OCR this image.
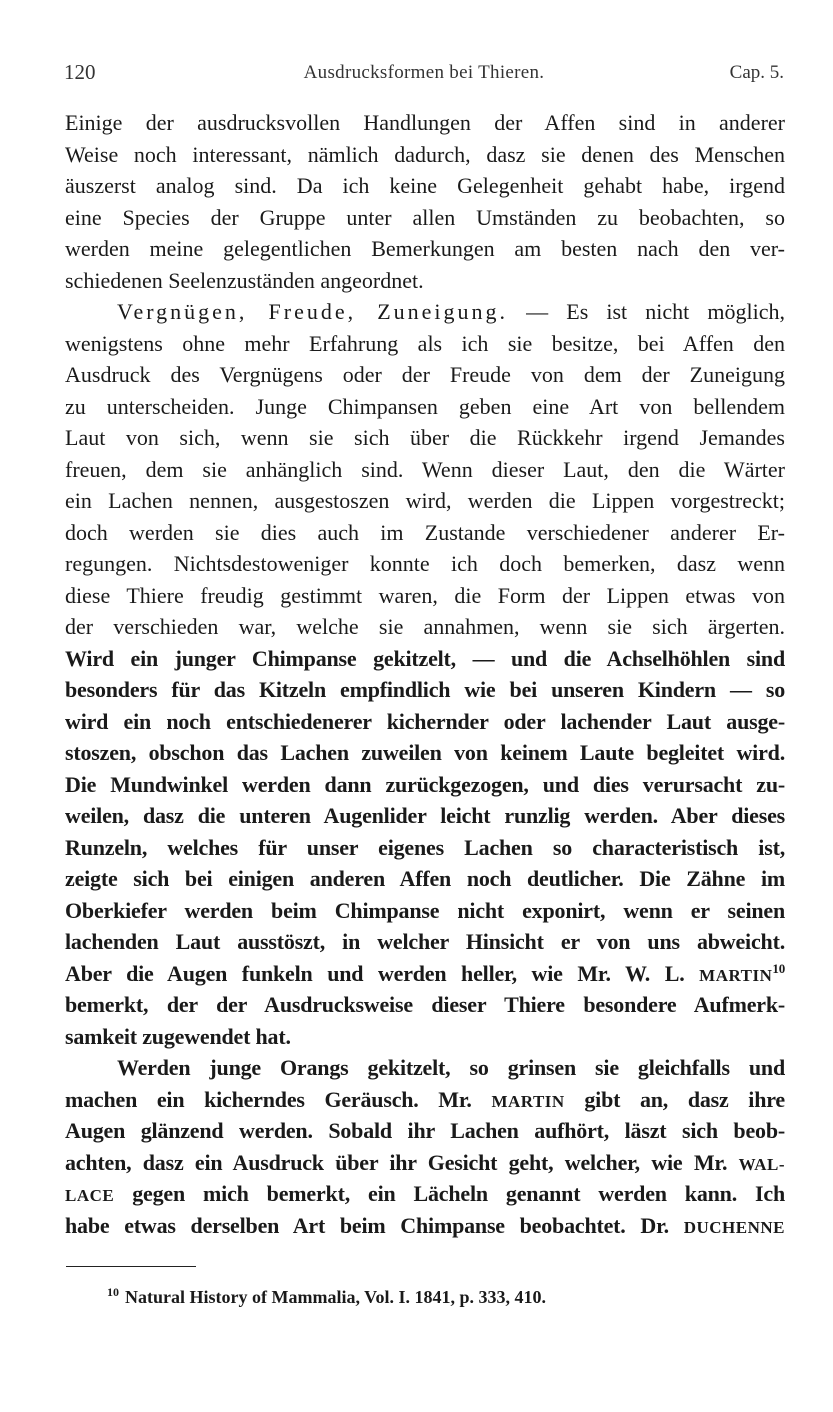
120	Ausdrucksformen bei Thieren.	Cap. 5.
Einige der ausdrucksvollen Handlungen der Affen sind in anderer
Weise noch interessant, nämlich dadurch, dasz sie denen des Menschen
äuszerst analog sind. Da ich keine Gelegenheit gehabt habe, irgend
eine Species der Gruppe unter allen Umständen zu beobachten, so
werden meine gelegentlichen Bemerkungen am besten nach den ver-
schiedenen Seelenzuständen angeordnet.
Vergnügen, Freude, Zuneigung. — Es ist nicht möglich,
wenigstens ohne mehr Erfahrung als ich sie besitze, bei Affen den
Ausdruck des Vergnügens oder der Freude von dem der Zuneigung
zu unterscheiden. Junge Chimpansen geben eine Art von bellendem
Laut von sich, wenn sie sich über die Rückkehr irgend Jemandes
freuen, dem sie anhänglich sind. Wenn dieser Laut, den die Wärter
ein Lachen nennen, ausgestoszen wird, werden die Lippen vorgestreckt;
doch werden sie dies auch im Zustande verschiedener anderer Er-
regungen. Nichtsdestoweniger konnte ich doch bemerken, dasz wenn
diese Thiere freudig gestimmt waren, die Form der Lippen etwas von
der verschieden war, welche sie annahmen, wenn sie sich ärgerten.
Wird ein junger Chimpanse gekitzelt, — und die Achselhöhlen sind
besonders für das Kitzeln empfindlich wie bei unseren Kindern — so
wird ein noch entschiedenerer kichernder oder lachender Laut ausge-
stoszen, obschon das Lachen zuweilen von keinem Laute begleitet wird.
Die Mundwinkel werden dann zurückgezogen, und dies verursacht zu-
weilen, dasz die unteren Augenlider leicht runzlig werden. Aber dieses
Runzeln, welches für unser eigenes Lachen so characteristisch ist,
zeigte sich bei einigen anderen Affen noch deutlicher. Die Zähne im
Oberkiefer werden beim Chimpanse nicht exponirt, wenn er seinen
lachenden Laut ausstöszt, in welcher Hinsicht er von uns abweicht.
Aber die Augen funkeln und werden heller, wie Mr. W. L. MARTIN$^{10}$
bemerkt, der der Ausdrucksweise dieser Thiere besondere Aufmerk-
samkeit zugewendet hat.
Werden junge Orangs gekitzelt, so grinsen sie gleichfalls und
machen ein kicherndes Geräusch. Mr. MARTIN gibt an, dasz ihre
Augen glänzend werden. Sobald ihr Lachen aufhört, läszt sich beob-
achten, dasz ein Ausdruck über ihr Gesicht geht, welcher, wie Mr. WAL-
LACE gegen mich bemerkt, ein Lächeln genannt werden kann. Ich
habe etwas derselben Art beim Chimpanse beobachtet. Dr. DUCHENNE
$^{10}$ Natural History of Mammalia, Vol. I. 1841, p. 333, 410.
